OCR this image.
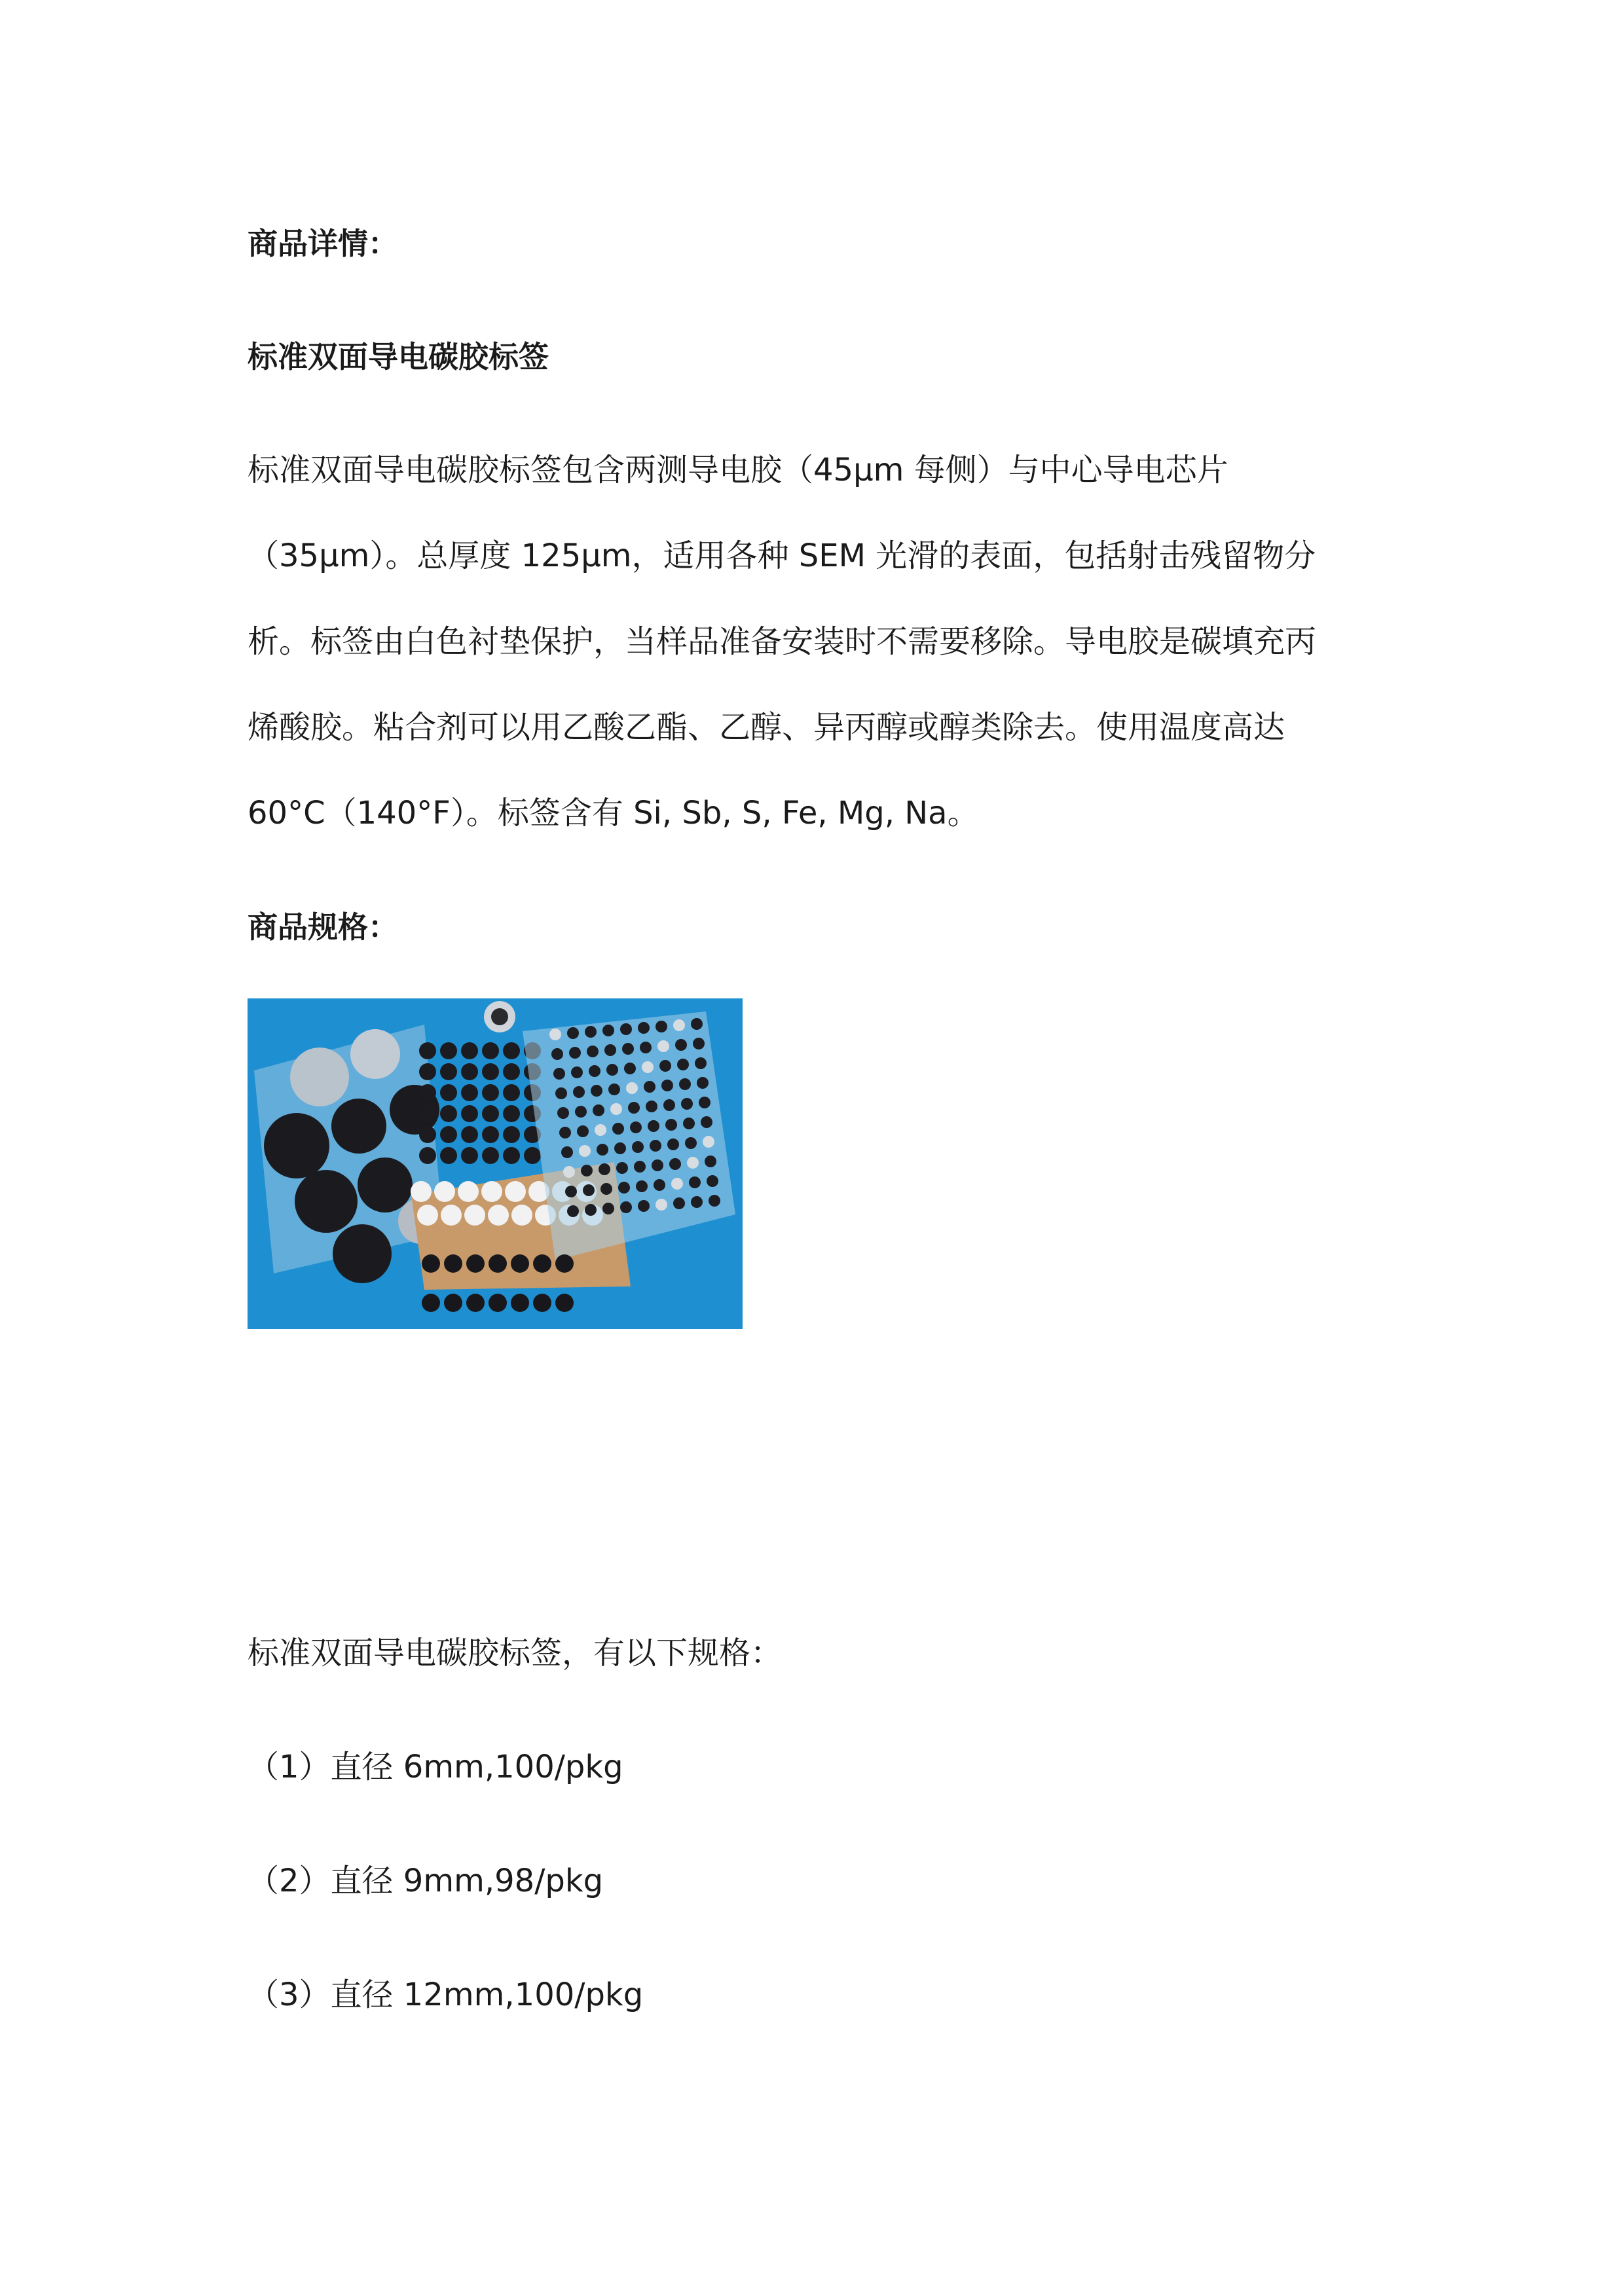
商品详情：
标准双面导电碳胶标签
标准双面导电碳胶标签包含两测导电胶（45μm 每侧）与中心导电芯片
（35μm）。总厚度 125μm，适用各种 SEM 光滑的表面，包括射击残留物分
析。标签由白色衬垫保护，当样品准备安装时不需要移除。导电胶是碳填充丙
烯酸胶。粘合剂可以用乙酸乙酯、乙醇、异丙醇或醇类除去。使用温度高达
60°C（140°F）。标签含有 Si, Sb, S, Fe, Mg, Na。
商品规格：
标准双面导电碳胶标签，有以下规格：
（1）直径 6mm,100/pkg
（2）直径 9mm,98/pkg
（3）直径 12mm,100/pkg
